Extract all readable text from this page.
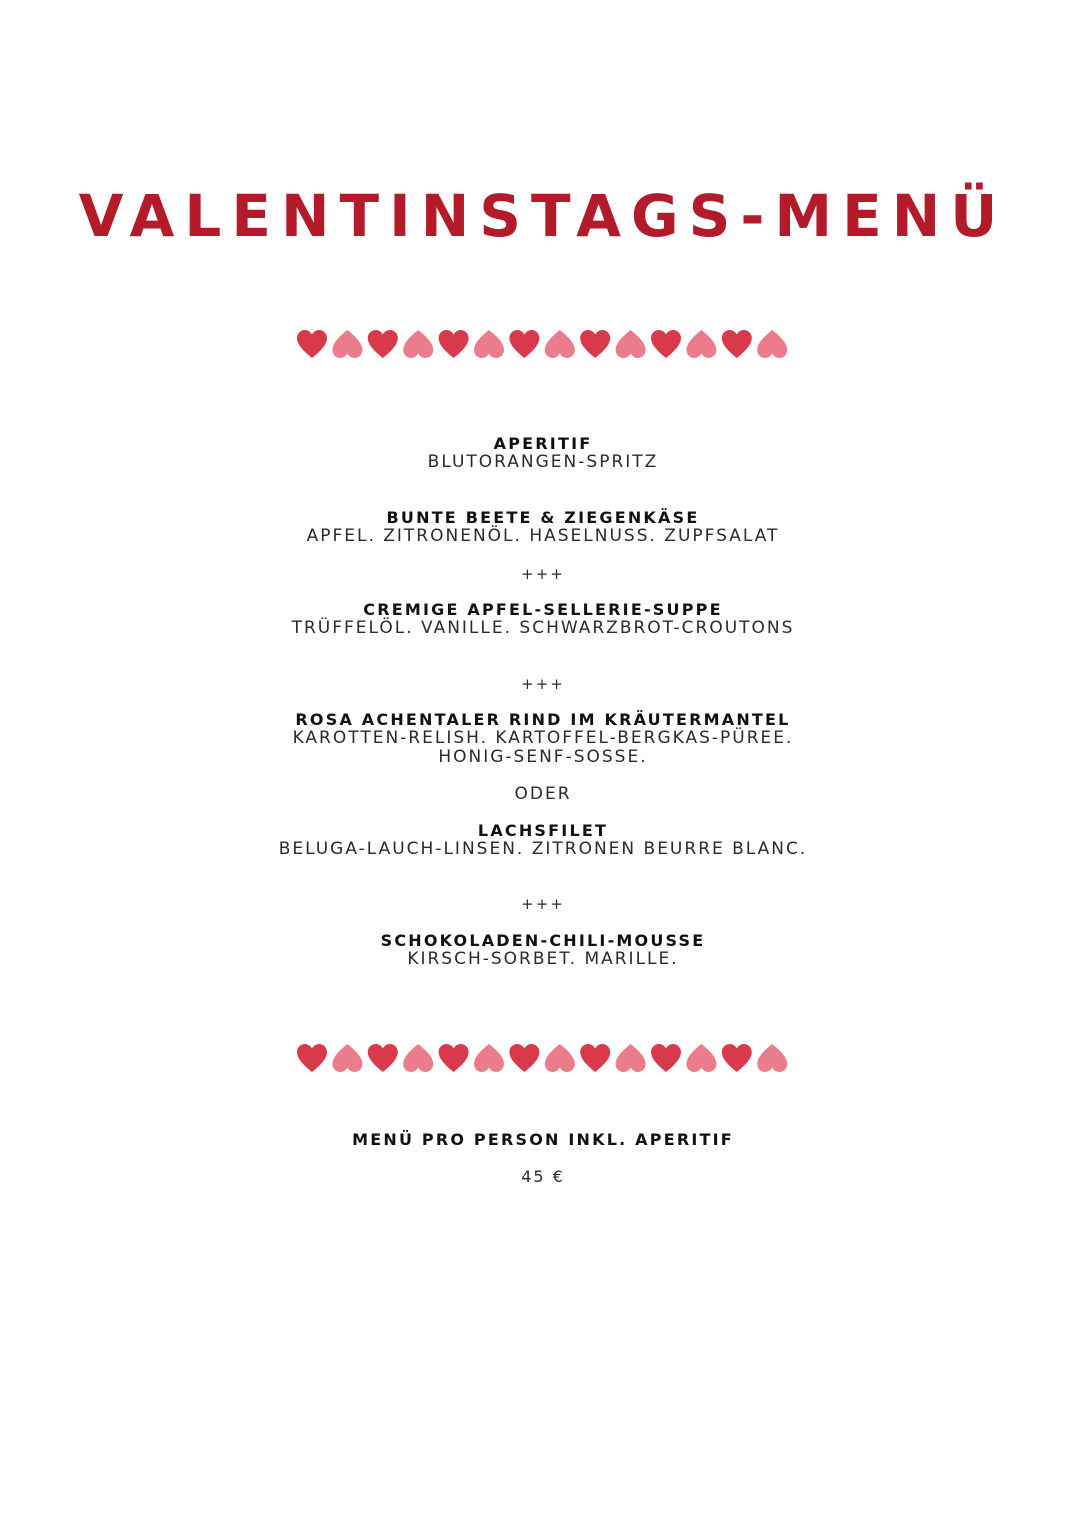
VALENTINSTAGS-MENÜ
APERITIF
BLUTORANGEN-SPRITZ
BUNTE BEETE & ZIEGENKÄSE
APFEL. ZITRONENÖL. HASELNUSS. ZUPFSALAT
+++
CREMIGE APFEL-SELLERIE-SUPPE
TRÜFFELÖL. VANILLE. SCHWARZBROT-CROUTONS
+++
ROSA ACHENTALER RIND IM KRÄUTERMANTEL
KAROTTEN-RELISH. KARTOFFEL-BERGKAS-PÜREE.
HONIG-SENF-SOSSE.
ODER
LACHSFILET
BELUGA-LAUCH-LINSEN. ZITRONEN BEURRE BLANC.
+++
SCHOKOLADEN-CHILI-MOUSSE
KIRSCH-SORBET. MARILLE.
MENÜ PRO PERSON INKL. APERITIF
45 €
